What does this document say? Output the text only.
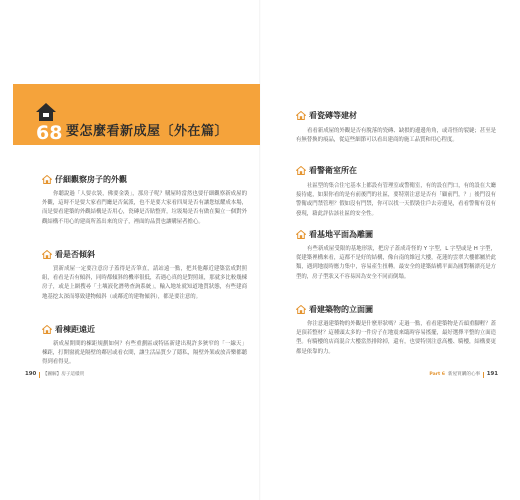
68 要怎麼看新成屋〔外在篇〕
仔細觀察房子的外觀
你聽說過「人要衣裝，佛要金裝」，那房子呢？購屋時當然也要仔細觀察新成屋的外觀，這時不是要大家看門廳是否氣派，也不是要大家看四周是否有讓您炫耀成本場，而是要看建築的外觀結構是否用心，瓷磚是否貼整齊，垃圾場是否有做在獨立一個對外觀結構不用心的建商所蓋出來的房子，裡面的品質也讓購屋者擔心。
看是否傾斜
買新成屋一定要注意房子蓋得是否筆直，請站遠一點，把其他鄰近建築當成對照組，看看是否有傾斜，同時都傾斜的機率很低，若遇心真的是對照組，那就多比較幾棟房子，或是上網搜尋「土壤液化潛勢查詢系統」，輸入地址就知道地質狀態，有些建商地基挖太深而導致建物傾斜（或鄰近的建物傾斜），都是要注意的。
看棟距遠近
新成屋開間的棟距規劃如何？有些重劃區或特區新建出現許多狹窄的「一線天」棟距，打開窗就是隔壁的鄰居或看衣間，讓生活品質少了隱私，隔壁外架或放音樂都聽得到看得見。
190 【圖解】房子這樣買
看瓷磚等建材
看看新成屋的外觀是否有脫落的瓷磚、缺損的邊邊角角，或奇怪的裂縫；甚至是有無替換的痕品，從這些細節可以看出建商的施工品質和用心程度。
看警衛室所在
社區型的集合住宅基本上都設有管理室或警衛室，有的設在門口，有的設在大廳接待處，如果你看的是有前後門的社區，要特別注意是否有「顧前門，？」後門沒有警衛或門禁管理？假如沒有門禁，你可以找一天假裝住戶去旁邊晃，看看警衛有沒有發現，藉此評估該社區的安全性。
看基地平面為雕圖
有些新成屋受限的基地形狀，把房子蓋成奇怪的 Y 字型，L 字型或是 H 字型，從建築裡構來看，這都不是好的結構，像台南的維冠大樓，花蓮的雲翠大樓都屬於此類，遇到地震時應力集中，容易產生扭轉。最安全的建築結構平面為圓對稱漂亮是方型的，房子型狀又不容易因為安全不同而倒塌。
看建築物的立面圖
你注意過建築物的外觀是什麼形狀嗎？走過一點，看看建築物是否頭重腳輕？蓋是頂若整材？這種頭太多的一件房子在地震來臨時容易搖擺，最好選擇平整的立面造型。有騎樓的店商混合大樓當然排除掉，還有，也要特別注意高樓、騎樓，結構要更都是依靠的力。
Part 6 新屋買購的心事 191
